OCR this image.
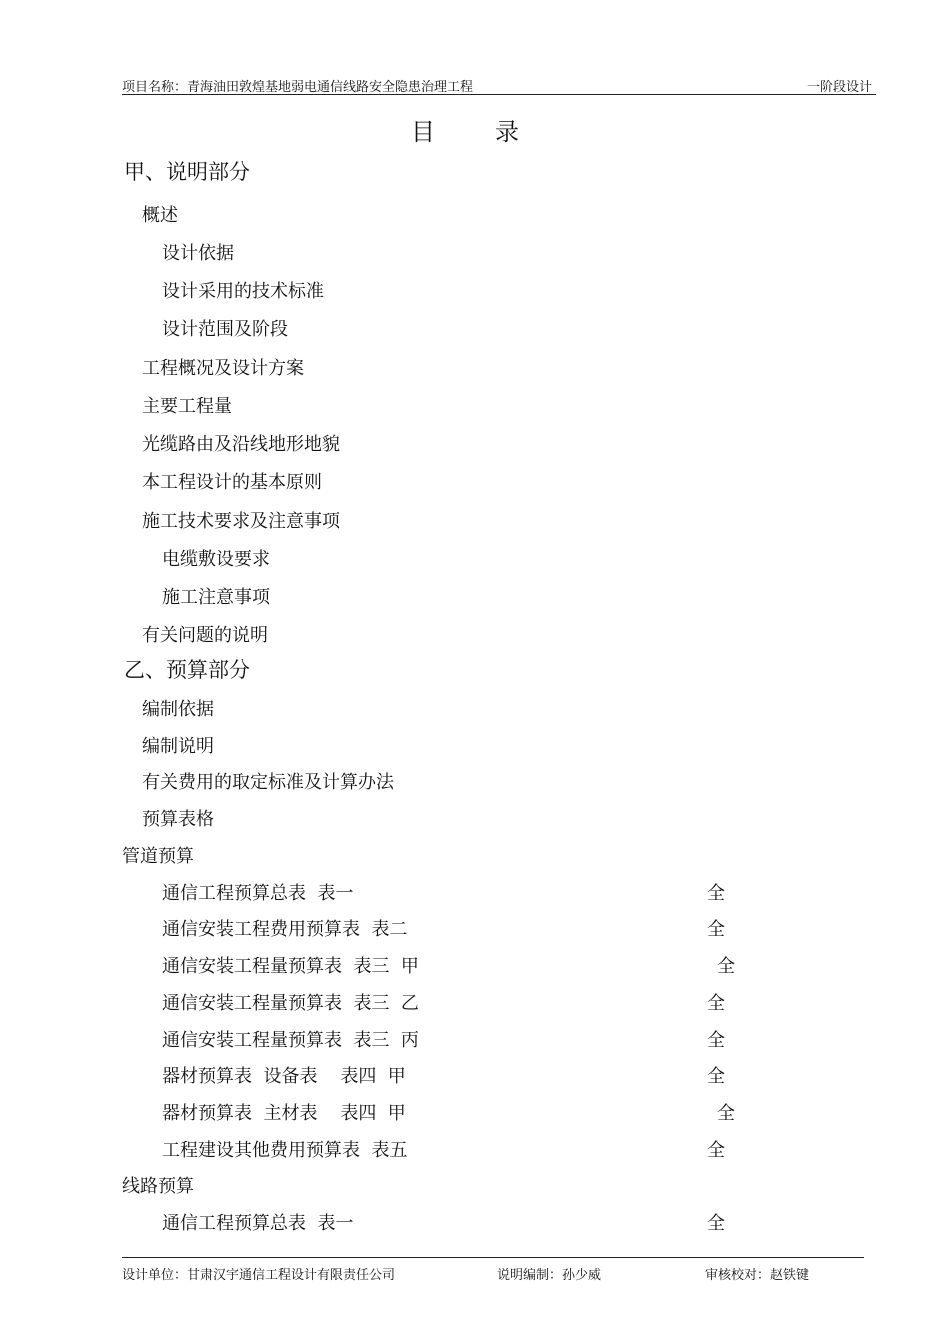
项目名称：青海油田敦煌基地弱电通信线路安全隐患治理工程	一阶段设计
目录
甲、说明部分
概述
设计依据
设计采用的技术标准
设计范围及阶段
工程概况及设计方案
主要工程量
光缆路由及沿线地形地貌
本工程设计的基本原则
施工技术要求及注意事项
电缆敷设要求
施工注意事项
有关问题的说明
乙、预算部分
编制依据
编制说明
有关费用的取定标准及计算办法
预算表格
管道预算
通信工程预算总表  表一	全
通信安装工程费用预算表  表二	全
通信安装工程量预算表  表三  甲	全
通信安装工程量预算表  表三  乙	全
通信安装工程量预算表  表三  丙	全
器材预算表  设备表    表四  甲	全
器材预算表  主材表    表四  甲	全
工程建设其他费用预算表  表五	全
线路预算
通信工程预算总表  表一	全
设计单位：甘肃汉宇通信工程设计有限责任公司	说明编制：孙少威	审核校对：赵铁键
